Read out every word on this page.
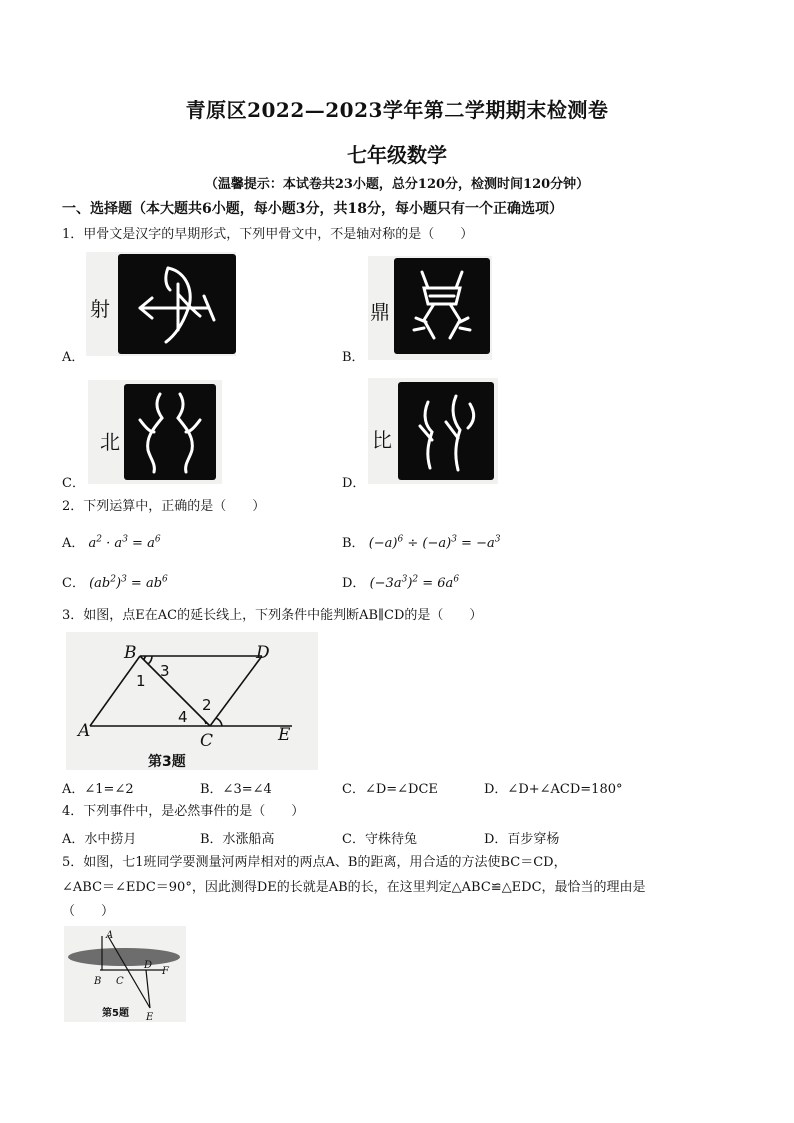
青原区2022—2023学年第二学期期末检测卷
七年级数学
（温馨提示：本试卷共23小题，总分120分，检测时间120分钟）
一、选择题（本大题共6小题，每小题3分，共18分，每小题只有一个正确选项）
1．甲骨文是汉字的早期形式，下列甲骨文中，不是轴对称的是（　　）
射
A．
鼎
B．
北
C．
比
D．
2．下列运算中，正确的是（　　）
A． $a^2 \cdot a^3 = a^6$	B． $(-a)^6 \div (-a)^3 = -a^3$
C． $(ab^2)^3 = ab^6$	D． $(-3a^3)^2 = 6a^6$
3．如图，点E在AC的延长线上，下列条件中能判断AB∥CD的是（　　）
B	D
A	C	E
1
2
3
4
第3题
A．∠1=∠2	B．∠3=∠4	C．∠D=∠DCE	D．∠D+∠ACD=180°
4．下列事件中，是必然事件的是（　　）
A．水中捞月	B．水涨船高	C．守株待兔	D．百步穿杨
5．如图，七1班同学要测量河两岸相对的两点A、B的距离，用合适的方法使BC＝CD，
∠ABC＝∠EDC＝90°，因此测得DE的长就是AB的长，在这里判定△ABC≌△EDC，最恰当的理由是
（　　）
A
B C
D
F
E
第5题
